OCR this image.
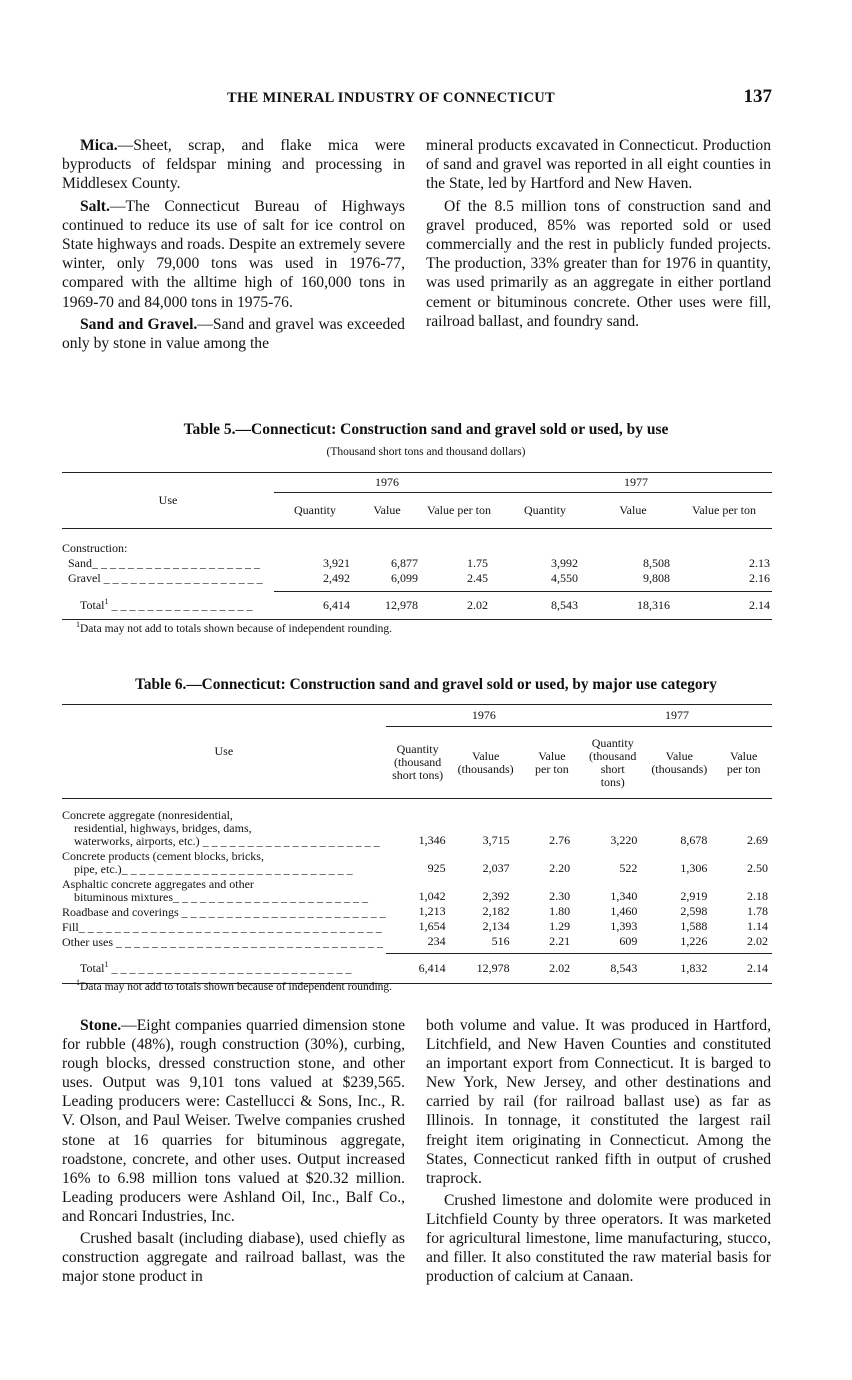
THE MINERAL INDUSTRY OF CONNECTICUT	137

Mica.—Sheet, scrap, and flake mica were byproducts of feldspar mining and processing in Middlesex County.

Salt.—The Connecticut Bureau of Highways continued to reduce its use of salt for ice control on State highways and roads. Despite an extremely severe winter, only 79,000 tons was used in 1976-77, compared with the alltime high of 160,000 tons in 1969-70 and 84,000 tons in 1975-76.

Sand and Gravel.—Sand and gravel was exceeded only by stone in value among the

mineral products excavated in Connecticut. Production of sand and gravel was reported in all eight counties in the State, led by Hartford and New Haven.

Of the 8.5 million tons of construction sand and gravel produced, 85% was reported sold or used commercially and the rest in publicly funded projects. The production, 33% greater than for 1976 in quantity, was used primarily as an aggregate in either portland cement or bituminous concrete. Other uses were fill, railroad ballast, and foundry sand.

Table 5.—Connecticut: Construction sand and gravel sold or used, by use
(Thousand short tons and thousand dollars)
Use	1976			1977		
	Quantity	Value	Value per ton	Quantity	Value	Value per ton

Construction:						
Sand_ _ _ _ _ _ _ _ _ _ _ _ _ _ _ _ _ _ _	3,921	6,877	1.75	3,992	8,508	2.13
Gravel _ _ _ _ _ _ _ _ _ _ _ _ _ _ _ _ _ _	2,492	6,099	2.45	4,550	9,808	2.16

Total$^1$ _ _ _ _ _ _ _ _ _ _ _ _ _ _ _ _	6,414	12,978	2.02	8,543	18,316	2.14
$^1$Data may not add to totals shown because of independent rounding.
Table 6.—Connecticut: Construction sand and gravel sold or used, by major use category
Use	1976			1977		
	Quantity (thousand short tons)	Value (thousands)	Value per ton	Quantity (thousand short tons)	Value (thousands)	Value per ton

Concrete aggregate (nonresidential,
residential, highways, bridges, dams,
waterworks, airports, etc.) _ _ _ _ _ _ _ _ _ _ _ _ _ _ _ _ _ _ _ _	1,346	3,715	2.76	3,220	8,678	2.69

Concrete products (cement blocks, bricks,
pipe, etc.)_ _ _ _ _ _ _ _ _ _ _ _ _ _ _ _ _ _ _ _ _ _ _ _ _ _	925	2,037	2.20	522	1,306	2.50

Asphaltic concrete aggregates and other
bituminous mixtures_ _ _ _ _ _ _ _ _ _ _ _ _ _ _ _ _ _ _ _ _ _	1,042	2,392	2.30	1,340	2,919	2.18
Roadbase and coverings _ _ _ _ _ _ _ _ _ _ _ _ _ _ _ _ _ _ _ _ _ _ _	1,213	2,182	1.80	1,460	2,598	1.78
Fill_ _ _ _ _ _ _ _ _ _ _ _ _ _ _ _ _ _ _ _ _ _ _ _ _ _ _ _ _ _ _ _ _ _	1,654	2,134	1.29	1,393	1,588	1.14
Other uses _ _ _ _ _ _ _ _ _ _ _ _ _ _ _ _ _ _ _ _ _ _ _ _ _ _ _ _ _ _	234	516	2.21	609	1,226	2.02

Total$^1$ _ _ _ _ _ _ _ _ _ _ _ _ _ _ _ _ _ _ _ _ _ _ _ _ _ _ _	6,414	12,978	2.02	8,543	1,832	2.14
$^1$Data may not add to totals shown because of independent rounding.

Stone.—Eight companies quarried dimension stone for rubble (48%), rough construction (30%), curbing, rough blocks, dressed construction stone, and other uses. Output was 9,101 tons valued at $239,565. Leading producers were: Castellucci & Sons, Inc., R. V. Olson, and Paul Weiser. Twelve companies crushed stone at 16 quarries for bituminous aggregate, roadstone, concrete, and other uses. Output increased 16% to 6.98 million tons valued at $20.32 million. Leading producers were Ashland Oil, Inc., Balf Co., and Roncari Industries, Inc.

Crushed basalt (including diabase), used chiefly as construction aggregate and railroad ballast, was the major stone product in

both volume and value. It was produced in Hartford, Litchfield, and New Haven Counties and constituted an important export from Connecticut. It is barged to New York, New Jersey, and other destinations and carried by rail (for railroad ballast use) as far as Illinois. In tonnage, it constituted the largest rail freight item originating in Connecticut. Among the States, Connecticut ranked fifth in output of crushed traprock.

Crushed limestone and dolomite were produced in Litchfield County by three operators. It was marketed for agricultural limestone, lime manufacturing, stucco, and filler. It also constituted the raw material basis for production of calcium at Canaan.
